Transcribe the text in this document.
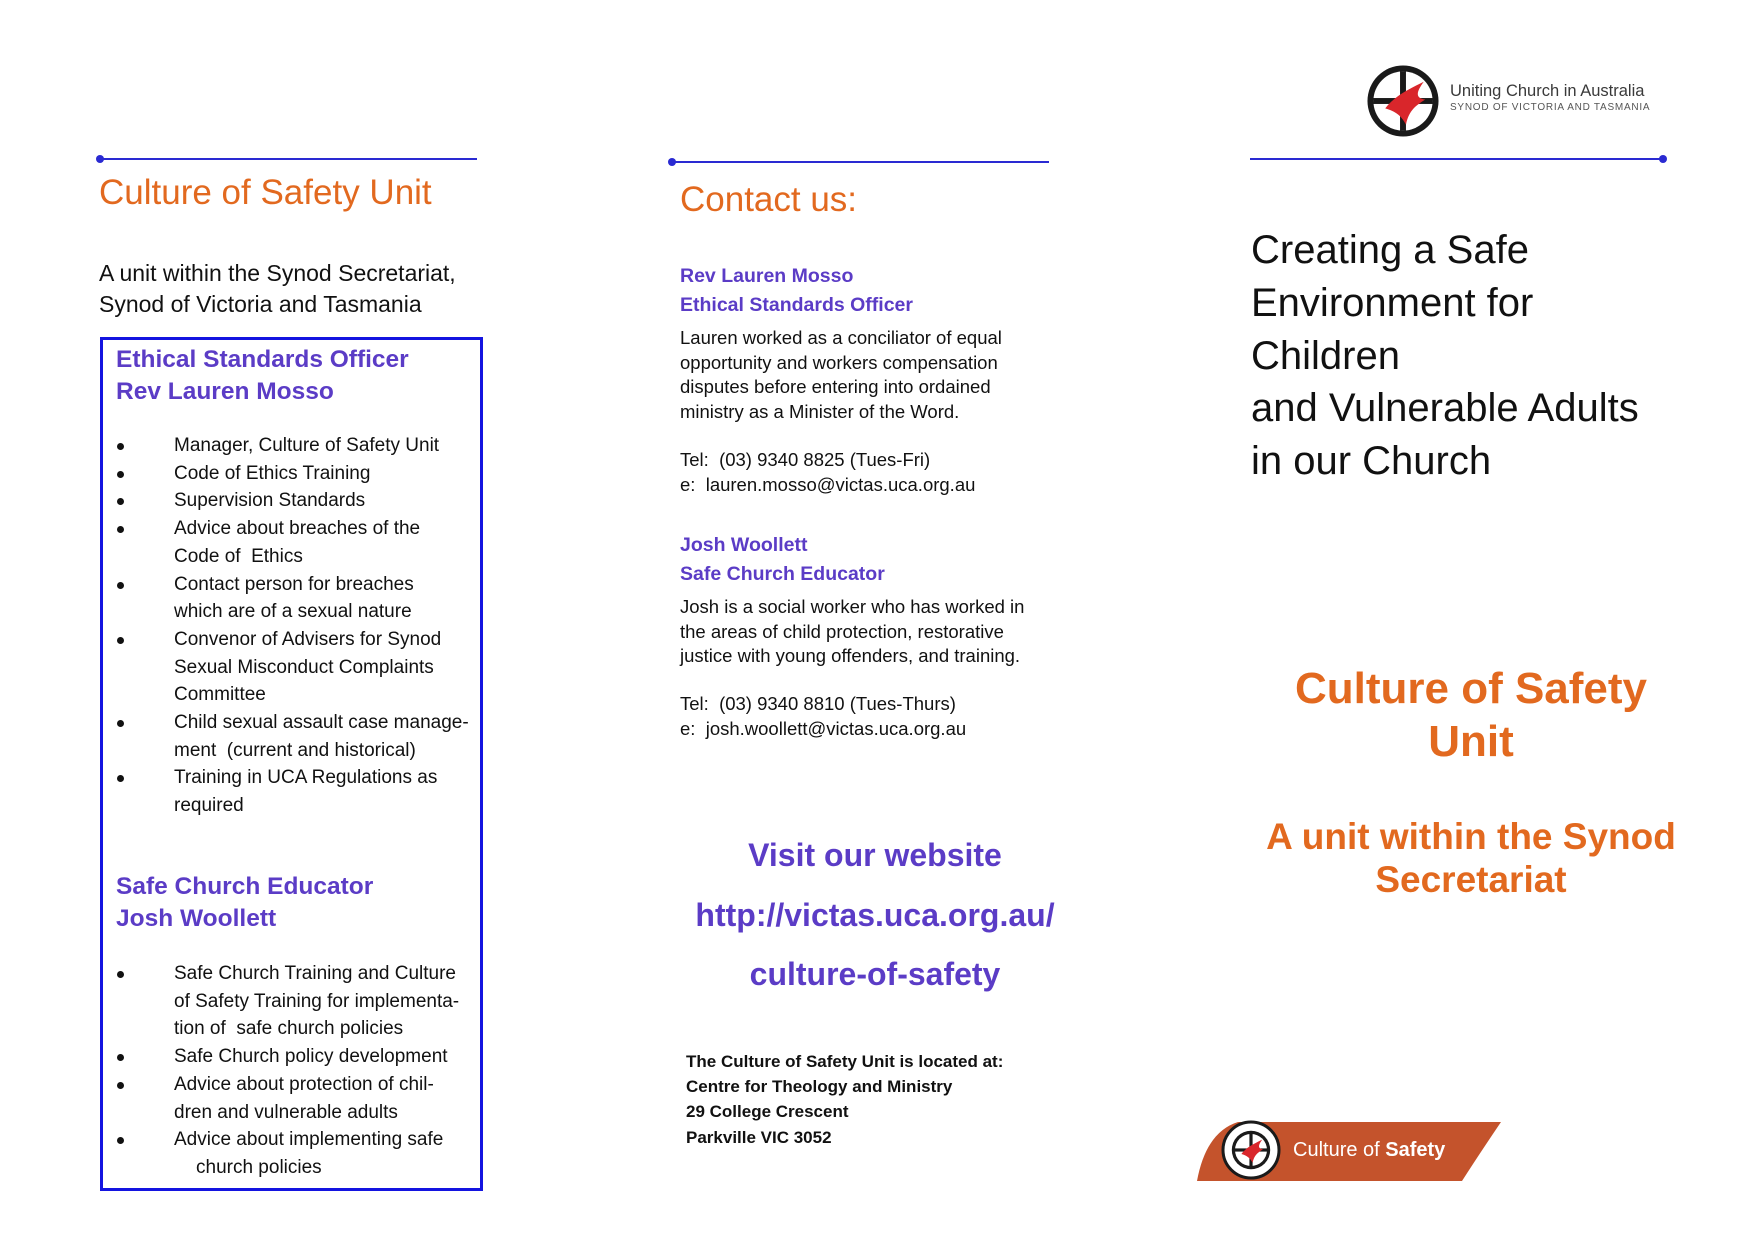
Culture of Safety Unit
A unit within the Synod Secretariat,
Synod of Victoria and Tasmania
Ethical Standards Officer
Rev Lauren Mosso
Manager, Culture of Safety Unit
Code of Ethics Training
Supervision Standards
Advice about breaches of the
Code of  Ethics
Contact person for breaches
which are of a sexual nature
Convenor of Advisers for Synod
Sexual Misconduct Complaints
Committee
Child sexual assault case manage-
ment  (current and historical)
Training in UCA Regulations as
required
Safe Church Educator
Josh Woollett
Safe Church Training and Culture
of Safety Training for implementa-
tion of  safe church policies
Safe Church policy development
Advice about protection of chil-
dren and vulnerable adults
Advice about implementing safe
church policies
Contact us:
Rev Lauren Mosso
Ethical Standards Officer
Lauren worked as a conciliator of equal
opportunity and workers compensation
disputes before entering into ordained
ministry as a Minister of the Word.
Tel:  (03) 9340 8825 (Tues-Fri)
e:  lauren.mosso@victas.uca.org.au
Josh Woollett
Safe Church Educator
Josh is a social worker who has worked in
the areas of child protection, restorative
justice with young offenders, and training.
Tel:  (03) 9340 8810 (Tues-Thurs)
e:  josh.woollett@victas.uca.org.au
Visit our website
http://victas.uca.org.au/
culture-of-safety
The Culture of Safety Unit is located at:
Centre for Theology and Ministry
29 College Crescent
Parkville VIC 3052
Uniting Church in Australia
SYNOD OF VICTORIA AND TASMANIA
Creating a Safe
Environment for
Children
and Vulnerable Adults
in our Church
Culture of Safety
Unit
A unit within the Synod
Secretariat
Culture of Safety
